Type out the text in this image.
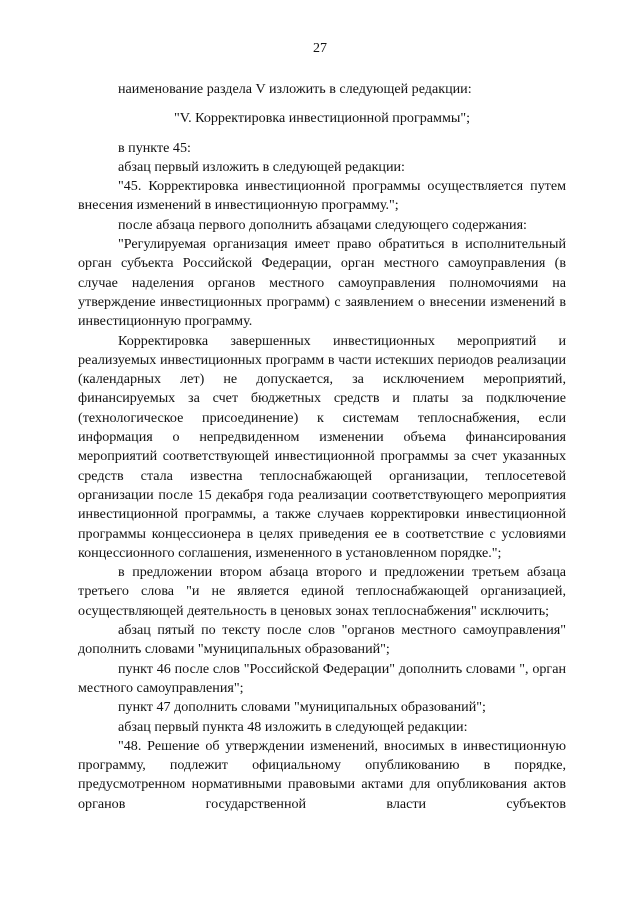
27

наименование раздела V изложить в следующей редакции:

"V. Корректировка инвестиционной программы";

в пункте 45:

абзац первый изложить в следующей редакции:

"45. Корректировка инвестиционной программы осуществляется путем внесения изменений в инвестиционную программу.";

после абзаца первого дополнить абзацами следующего содержания:

"Регулируемая организация имеет право обратиться в исполнительный орган субъекта Российской Федерации, орган местного самоуправления (в случае наделения органов местного самоуправления полномочиями на утверждение инвестиционных программ) с заявлением о внесении изменений в инвестиционную программу.

Корректировка завершенных инвестиционных мероприятий и реализуемых инвестиционных программ в части истекших периодов реализации (календарных лет) не допускается, за исключением мероприятий, финансируемых за счет бюджетных средств и платы за подключение (технологическое присоединение) к системам теплоснабжения, если информация о непредвиденном изменении объема финансирования мероприятий соответствующей инвестиционной программы за счет указанных средств стала известна теплоснабжающей организации, теплосетевой организации после 15 декабря года реализации соответствующего мероприятия инвестиционной программы, а также случаев корректировки инвестиционной программы концессионера в целях приведения ее в соответствие с условиями концессионного соглашения, измененного в установленном порядке.";

в предложении втором абзаца второго и предложении третьем абзаца третьего слова "и не является единой теплоснабжающей организацией, осуществляющей деятельность в ценовых зонах теплоснабжения" исключить;

абзац пятый по тексту после слов "органов местного самоуправления" дополнить словами "муниципальных образований";

пункт 46 после слов "Российской Федерации" дополнить словами ", орган местного самоуправления";

пункт 47 дополнить словами "муниципальных образований";

абзац первый пункта 48 изложить в следующей редакции:

"48. Решение об утверждении изменений, вносимых в инвестиционную программу, подлежит официальному опубликованию в порядке, предусмотренном нормативными правовыми актами для опубликования актов органов государственной власти субъектов
